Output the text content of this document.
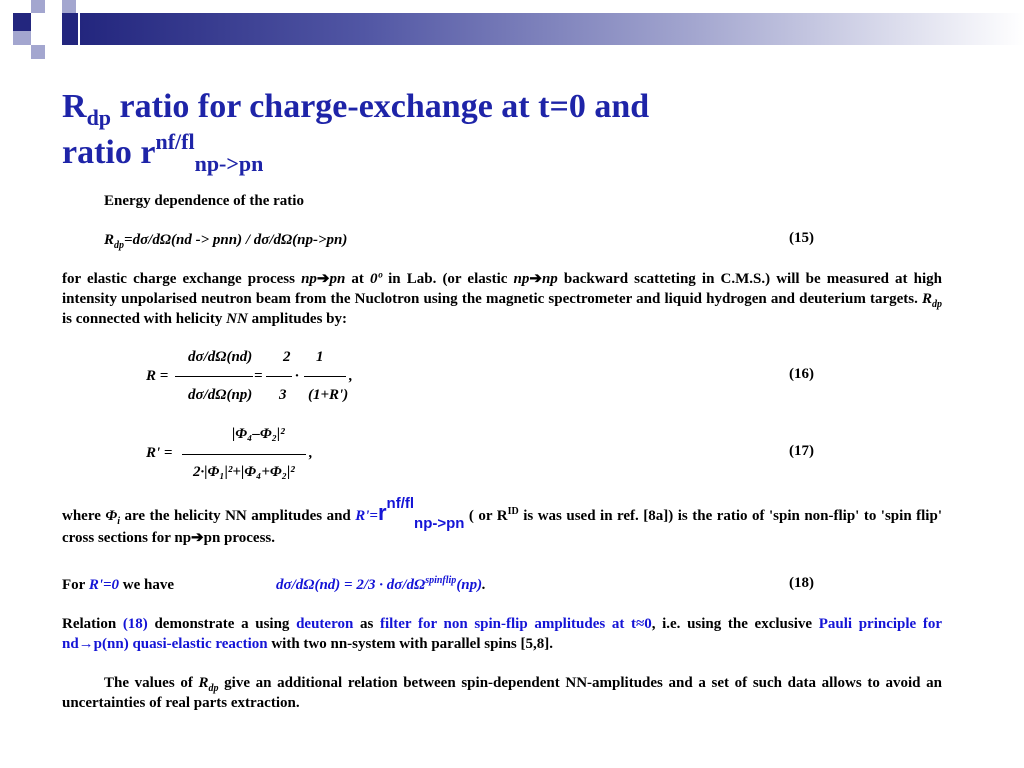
$R_{dp}$ ratio for charge-exchange at t=0 and
ratio $r^{nf/fl}_{np->pn}$
Energy dependence of the ratio
$R_{dp}=d\sigma/d\Omega(nd -> pnn) / d\sigma/d\Omega(np->pn)$	(15)
for elastic charge exchange process np➔pn at 0º in Lab. (or elastic np➔np backward scatteting in C.M.S.) will be measured at high intensity unpolarised neutron beam from the Nuclotron using the magnetic spectrometer and liquid hydrogen and deuterium targets. $R_{dp}$ is connected with helicity NN amplitudes by:
dσ/dΩ(nd) 2 1
R =	= ·	,
dσ/dΩ(np) 3 (1+R')
(16)
|Φ₄–Φ₂|²
R' =	,
2·|Φ₁|²+|Φ₄+Φ₂|²
(17)
where $\Phi_i$ are the helicity NN amplitudes and $R'=r^{nf/fl}_{np->pn}$ ( or $R^{ID}$ is was used in ref. [8a]) is the ratio of 'spin non-flip' to 'spin flip' cross sections for np➔pn process.
For R'=0 we have	$d\sigma/d\Omega(nd) = 2/3 \cdot d\sigma/d\Omega^{spinflip}(np)$.	(18)
Relation (18) demonstrate a using deuteron as filter for non spin-flip amplitudes at t≈0, i.e. using the exclusive Pauli principle for nd→p(nn) quasi-elastic reaction with two nn-system with parallel spins [5,8].
The values of $R_{dp}$ give an additional relation between spin-dependent NN-amplitudes and a set of such data allows to avoid an uncertainties of real parts extraction.
